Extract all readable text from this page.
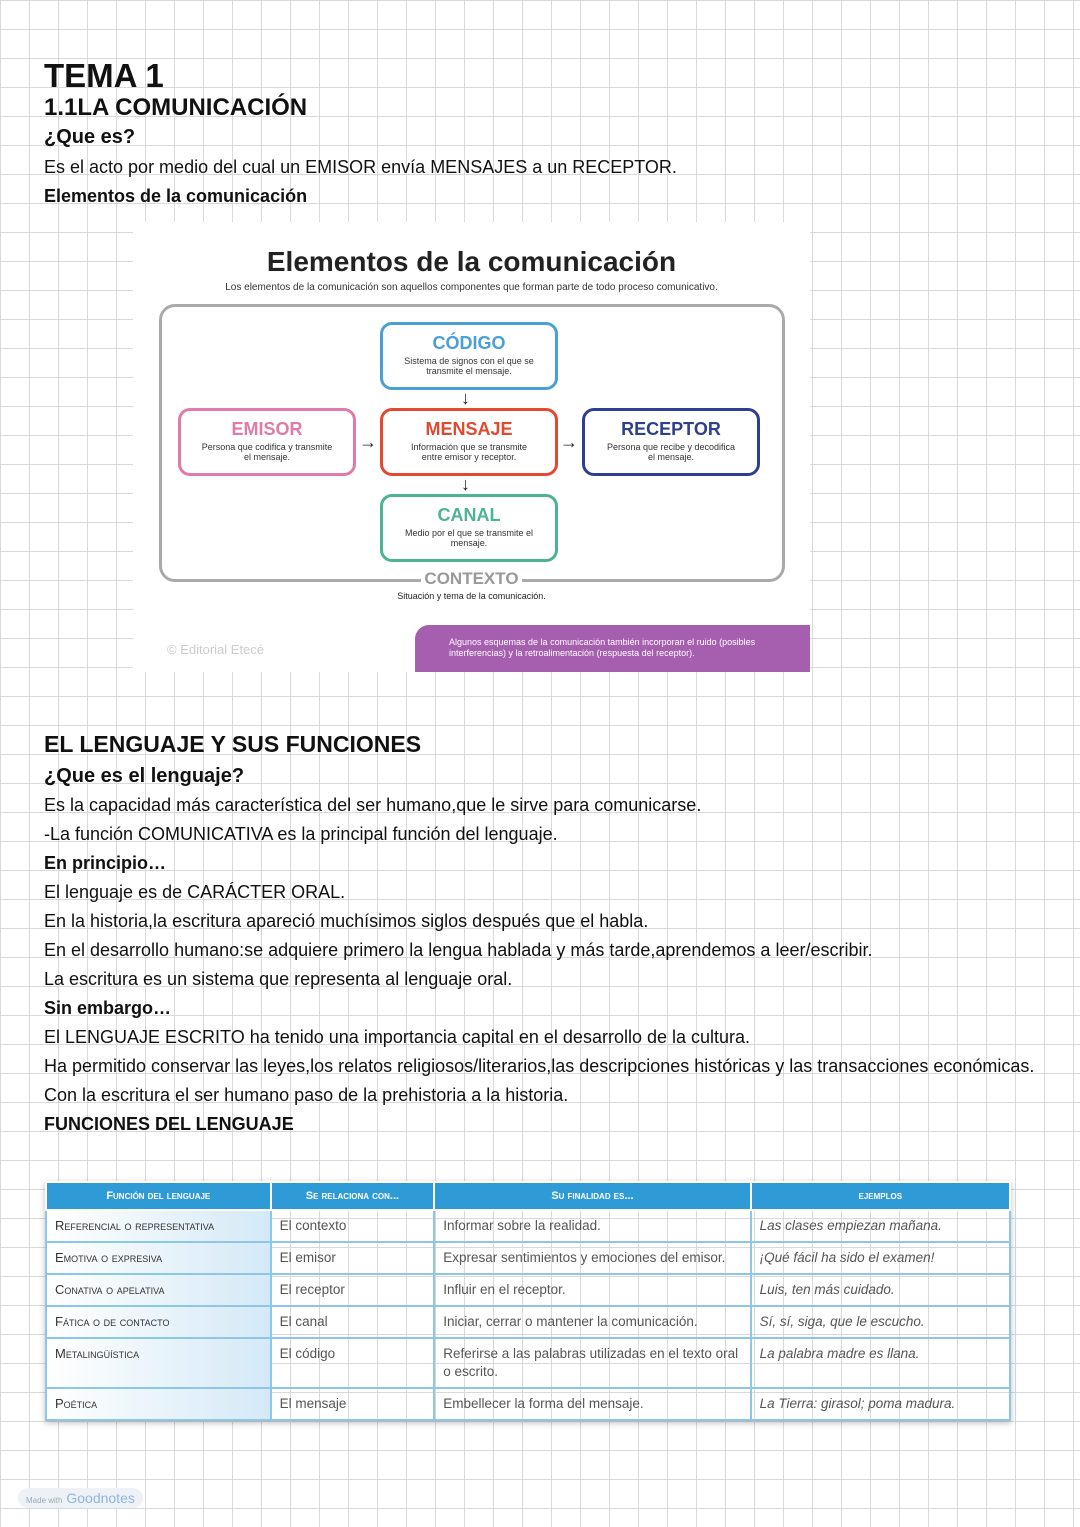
TEMA 1
1.1LA COMUNICACIÓN
¿Que es?
Es el acto por medio del cual un EMISOR envía MENSAJES a un RECEPTOR.
Elementos de la comunicación
Elementos de la comunicación
Los elementos de la comunicación son aquellos componentes que forman parte de todo proceso comunicativo.
CÓDIGO
Sistema de signos con el que se transmite el mensaje.
EMISOR
Persona que codifica y transmite el mensaje.
MENSAJE
Información que se transmite entre emisor y receptor.
RECEPTOR
Persona que recibe y decodifica el mensaje.
CANAL
Medio por el que se transmite el mensaje.
↓
↓
→	→
CONTEXTO
Situación y tema de la comunicación.
© Editorial Etecé	Algunos esquemas de la comunicación también incorporan el ruido (posibles interferencias) y la retroalimentación (respuesta del receptor).
EL LENGUAJE Y SUS FUNCIONES
¿Que es el lenguaje?
Es la capacidad más característica del ser humano,que le sirve para comunicarse.
-La función COMUNICATIVA es la principal función del lenguaje.
En principio…
El lenguaje es de CARÁCTER ORAL.
En la historia,la escritura apareció muchísimos siglos después que el habla.
En el desarrollo humano:se adquiere primero la lengua hablada y más tarde,aprendemos a leer/escribir.
La escritura es un sistema que representa al lenguaje oral.
Sin embargo…
El LENGUAJE ESCRITO ha tenido una importancia capital en el desarrollo de la cultura.
Ha permitido conservar las leyes,los relatos religiosos/literarios,las descripciones históricas y las transacciones económicas.
Con la escritura el ser humano paso de la prehistoria a la historia.
FUNCIONES DEL LENGUAJE
Función del lenguaje	Se relaciona con...	Su finalidad es...	ejemplos
Referencial o representativa	El contexto	Informar sobre la realidad.	Las clases empiezan mañana.
Emotiva o expresiva	El emisor	Expresar sentimientos y emociones del emisor.	¡Qué fácil ha sido el examen!
Conativa o apelativa	El receptor	Influir en el receptor.	Luis, ten más cuidado.
Fática o de contacto	El canal	Iniciar, cerrar o mantener la comunicación.	Sí, sí, siga, que le escucho.
Metalingüística	El código	Referirse a las palabras utilizadas en el texto oral o escrito.	La palabra madre es llana.
Poética	El mensaje	Embellecer la forma del mensaje.	La Tierra: girasol; poma madura.
Made with Goodnotes
